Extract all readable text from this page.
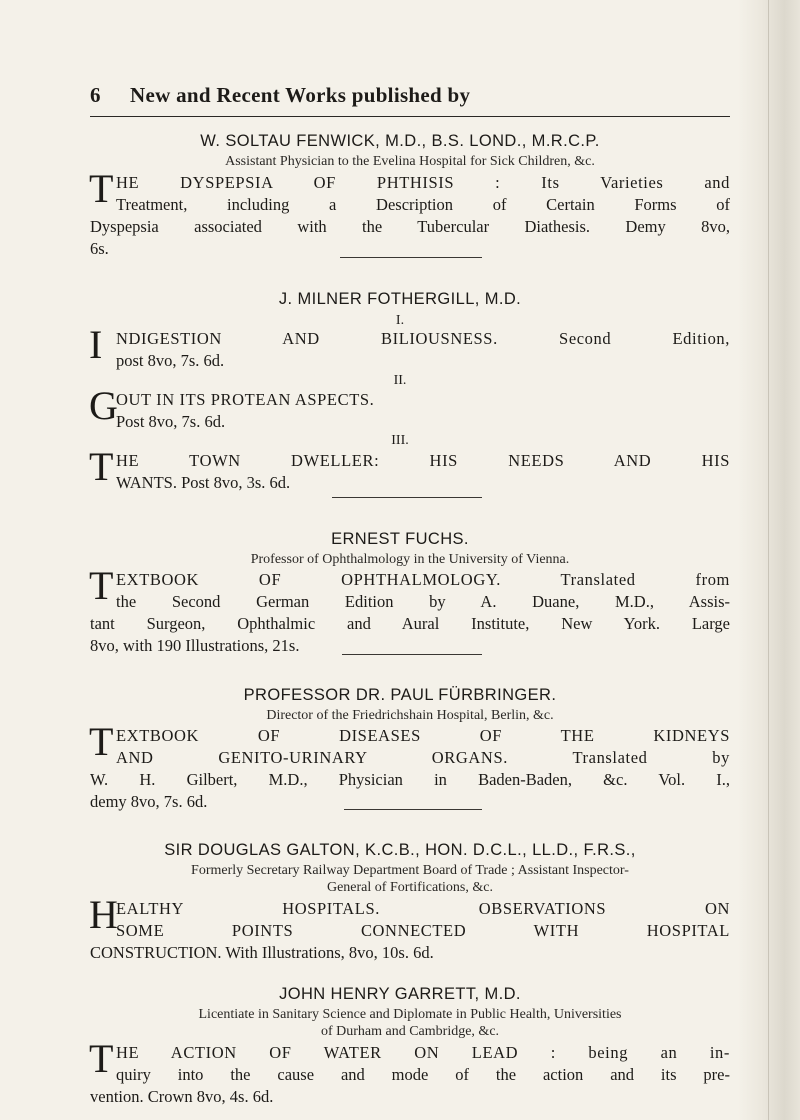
6 New and Recent Works published by
W. SOLTAU FENWICK, M.D., B.S. LOND., M.R.C.P.
Assistant Physician to the Evelina Hospital for Sick Children, &c.
T HE DYSPEPSIA OF PHTHISIS : Its Varieties and
Treatment, including a Description of Certain Forms of
Dyspepsia associated with the Tubercular Diathesis. Demy 8vo,
6s.
J. MILNER FOTHERGILL, M.D.
I.
I NDIGESTION AND BILIOUSNESS. Second Edition,
post 8vo, 7s. 6d.
II.
G
OUT IN ITS PROTEAN ASPECTS.
Post 8vo, 7s. 6d.
III.
T HE TOWN DWELLER: HIS NEEDS AND HIS
WANTS. Post 8vo, 3s. 6d.
ERNEST FUCHS.
Professor of Ophthalmology in the University of Vienna.
T EXTBOOK OF OPHTHALMOLOGY. Translated from
the Second German Edition by A. Duane, M.D., Assis-
tant Surgeon, Ophthalmic and Aural Institute, New York. Large
8vo, with 190 Illustrations, 21s.
PROFESSOR DR. PAUL FÜRBRINGER.
Director of the Friedrichshain Hospital, Berlin, &c.
T EXTBOOK OF DISEASES OF THE KIDNEYS
AND GENITO-URINARY ORGANS. Translated by
W. H. Gilbert, M.D., Physician in Baden-Baden, &c. Vol. I.,
demy 8vo, 7s. 6d.
SIR DOUGLAS GALTON, K.C.B., HON. D.C.L., LL.D., F.R.S.,
Formerly Secretary Railway Department Board of Trade ; Assistant Inspector-
General of Fortifications, &c.
H
EALTHY HOSPITALS. OBSERVATIONS ON
SOME POINTS CONNECTED WITH HOSPITAL
CONSTRUCTION. With Illustrations, 8vo, 10s. 6d.
JOHN HENRY GARRETT, M.D.
Licentiate in Sanitary Science and Diplomate in Public Health, Universities
of Durham and Cambridge, &c.
T HE ACTION OF WATER ON LEAD : being an in-
quiry into the cause and mode of the action and its pre-
vention. Crown 8vo, 4s. 6d.
